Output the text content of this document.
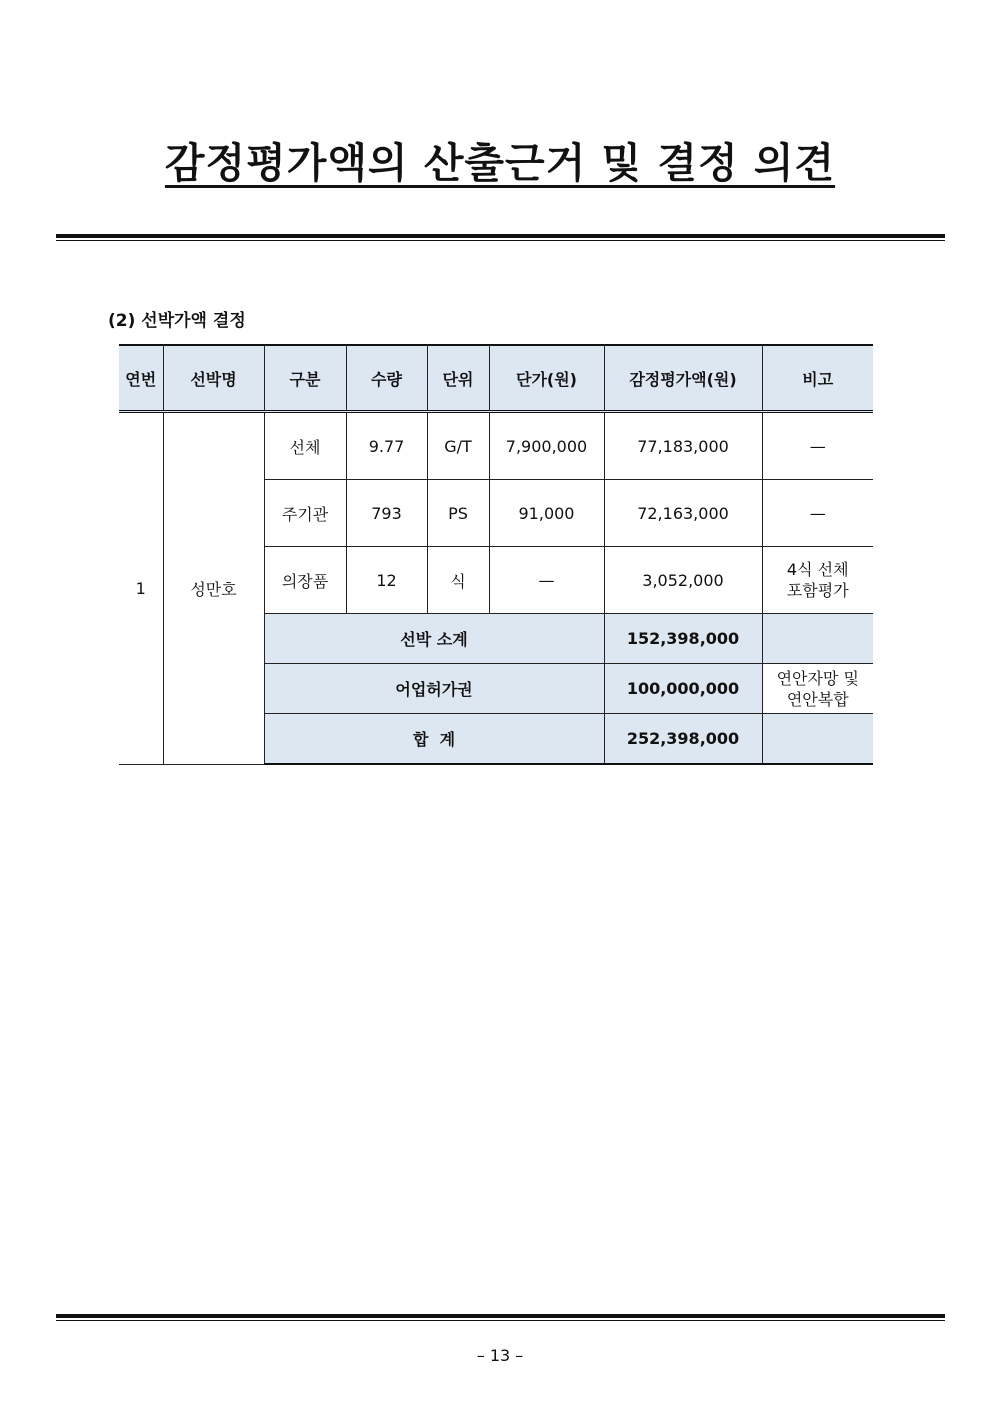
감정평가액의 산출근거 및 결정 의견
(2) 선박가액 결정
연번	선박명	구분	수량	단위	단가(원)	감정평가액(원)	비고
1	성만호	선체	9.77	G/T	7,900,000	77,183,000	—
		주기관	793	PS	91,000	72,163,000	—
		의장품	12	식	—	3,052,000	4식 선체
포함평가

		선박 소계				152,398,000	
		어업허가권				100,000,000	연안자망 및
연안복합

		합  계				252,398,000	
– 13 –
